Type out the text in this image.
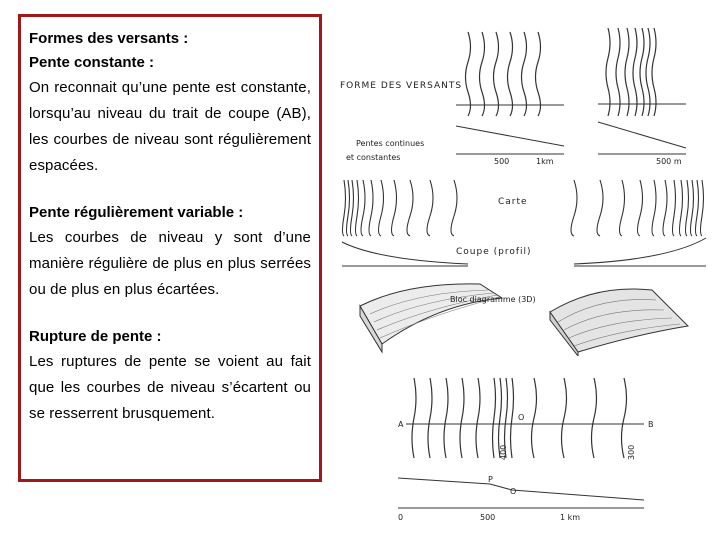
Formes des versants :

Pente constante :

On reconnait qu’une pente est constante, lorsqu’au niveau du trait de coupe (AB), les courbes de niveau sont régulièrement espacées.

Pente régulièrement variable :

Les courbes de niveau y sont d’une manière régulière de plus en plus serrées ou de plus en plus écartées.

Rupture de pente :

Les ruptures de pente se voient au fait que les courbes de niveau s’écartent ou se resserrent brusquement.

FORME DES VERSANTS
Pentes continues
et constantes	500	1km	500 m
Carte
Coupe (profil)
Bloc diagramme (3D)
A	B
400	300
O
P
O
0	500	1 km
